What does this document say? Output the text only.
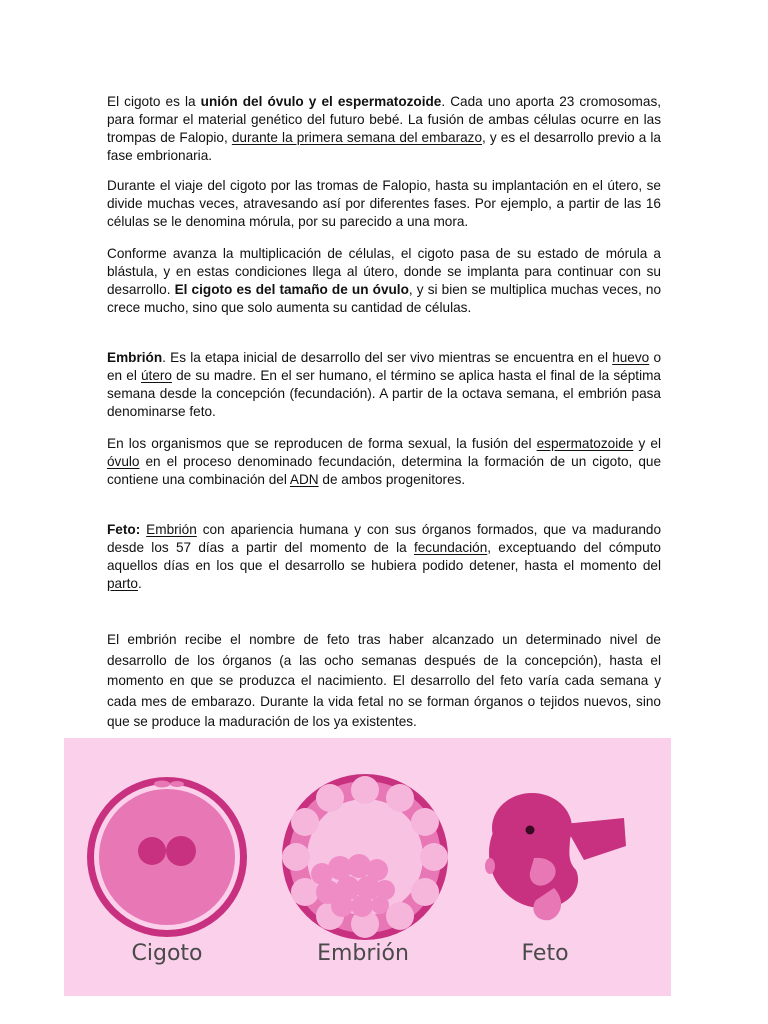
El cigoto es la unión del óvulo y el espermatozoide. Cada uno aporta 23 cromosomas, para formar el material genético del futuro bebé. La fusión de ambas células ocurre en las trompas de Falopio, durante la primera semana del embarazo, y es el desarrollo previo a la fase embrionaria.

Durante el viaje del cigoto por las tromas de Falopio, hasta su implantación en el útero, se divide muchas veces, atravesando así por diferentes fases. Por ejemplo, a partir de las 16 células se le denomina mórula, por su parecido a una mora.

Conforme avanza la multiplicación de células, el cigoto pasa de su estado de mórula a blástula, y en estas condiciones llega al útero, donde se implanta para continuar con su desarrollo. El cigoto es del tamaño de un óvulo, y si bien se multiplica muchas veces, no crece mucho, sino que solo aumenta su cantidad de células.

Embrión. Es la etapa inicial de desarrollo del ser vivo mientras se encuentra en el huevo o en el útero de su madre. En el ser humano, el término se aplica hasta el final de la séptima semana desde la concepción (fecundación). A partir de la octava semana, el embrión pasa denominarse feto.

En los organismos que se reproducen de forma sexual, la fusión del espermatozoide y el óvulo en el proceso denominado fecundación, determina la formación de un cigoto, que contiene una combinación del ADN de ambos progenitores.

Feto: Embrión con apariencia humana y con sus órganos formados, que va madurando desde los 57 días a partir del momento de la fecundación, exceptuando del cómputo aquellos días en los que el desarrollo se hubiera podido detener, hasta el momento del parto.

El embrión recibe el nombre de feto tras haber alcanzado un determinado nivel de desarrollo de los órganos (a las ocho semanas después de la concepción), hasta el momento en que se produzca el nacimiento. El desarrollo del feto varía cada semana y cada mes de embarazo. Durante la vida fetal no se forman órganos o tejidos nuevos, sino que se produce la maduración de los ya existentes.

Cigoto	Embrión	Feto
